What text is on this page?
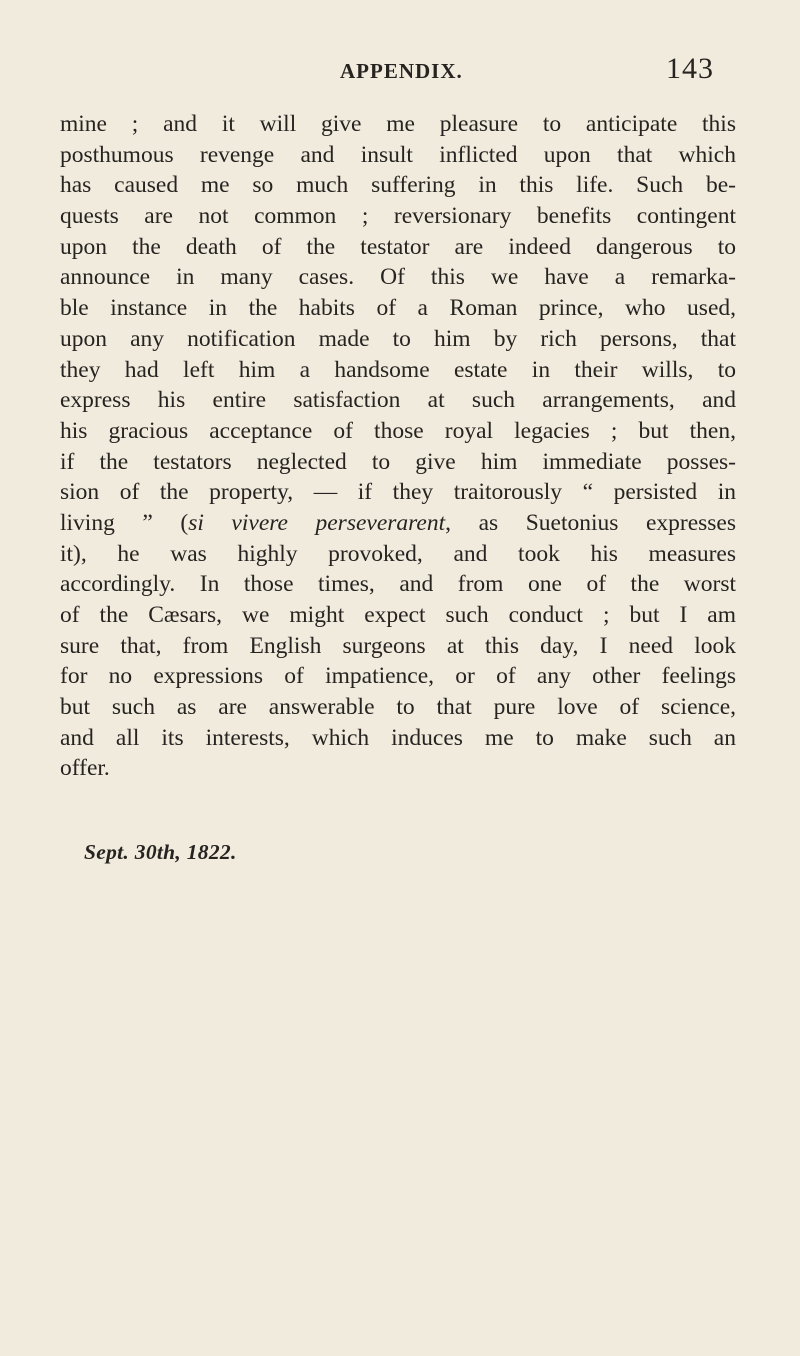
APPENDIX.	143
mine ; and it will give me pleasure to anticipate this
posthumous revenge and insult inflicted upon that which
has caused me so much suffering in this life. Such be-
quests are not common ; reversionary benefits contingent
upon the death of the testator are indeed dangerous to
announce in many cases. Of this we have a remarka-
ble instance in the habits of a Roman prince, who used,
upon any notification made to him by rich persons, that
they had left him a handsome estate in their wills, to
express his entire satisfaction at such arrangements, and
his gracious acceptance of those royal legacies ; but then,
if the testators neglected to give him immediate posses-
sion of the property, — if they traitorously “ persisted in
living ” (si vivere perseverarent, as Suetonius expresses
it), he was highly provoked, and took his measures
accordingly. In those times, and from one of the worst
of the Cæsars, we might expect such conduct ; but I am
sure that, from English surgeons at this day, I need look
for no expressions of impatience, or of any other feelings
but such as are answerable to that pure love of science,
and all its interests, which induces me to make such an
offer.
Sept. 30th, 1822.
